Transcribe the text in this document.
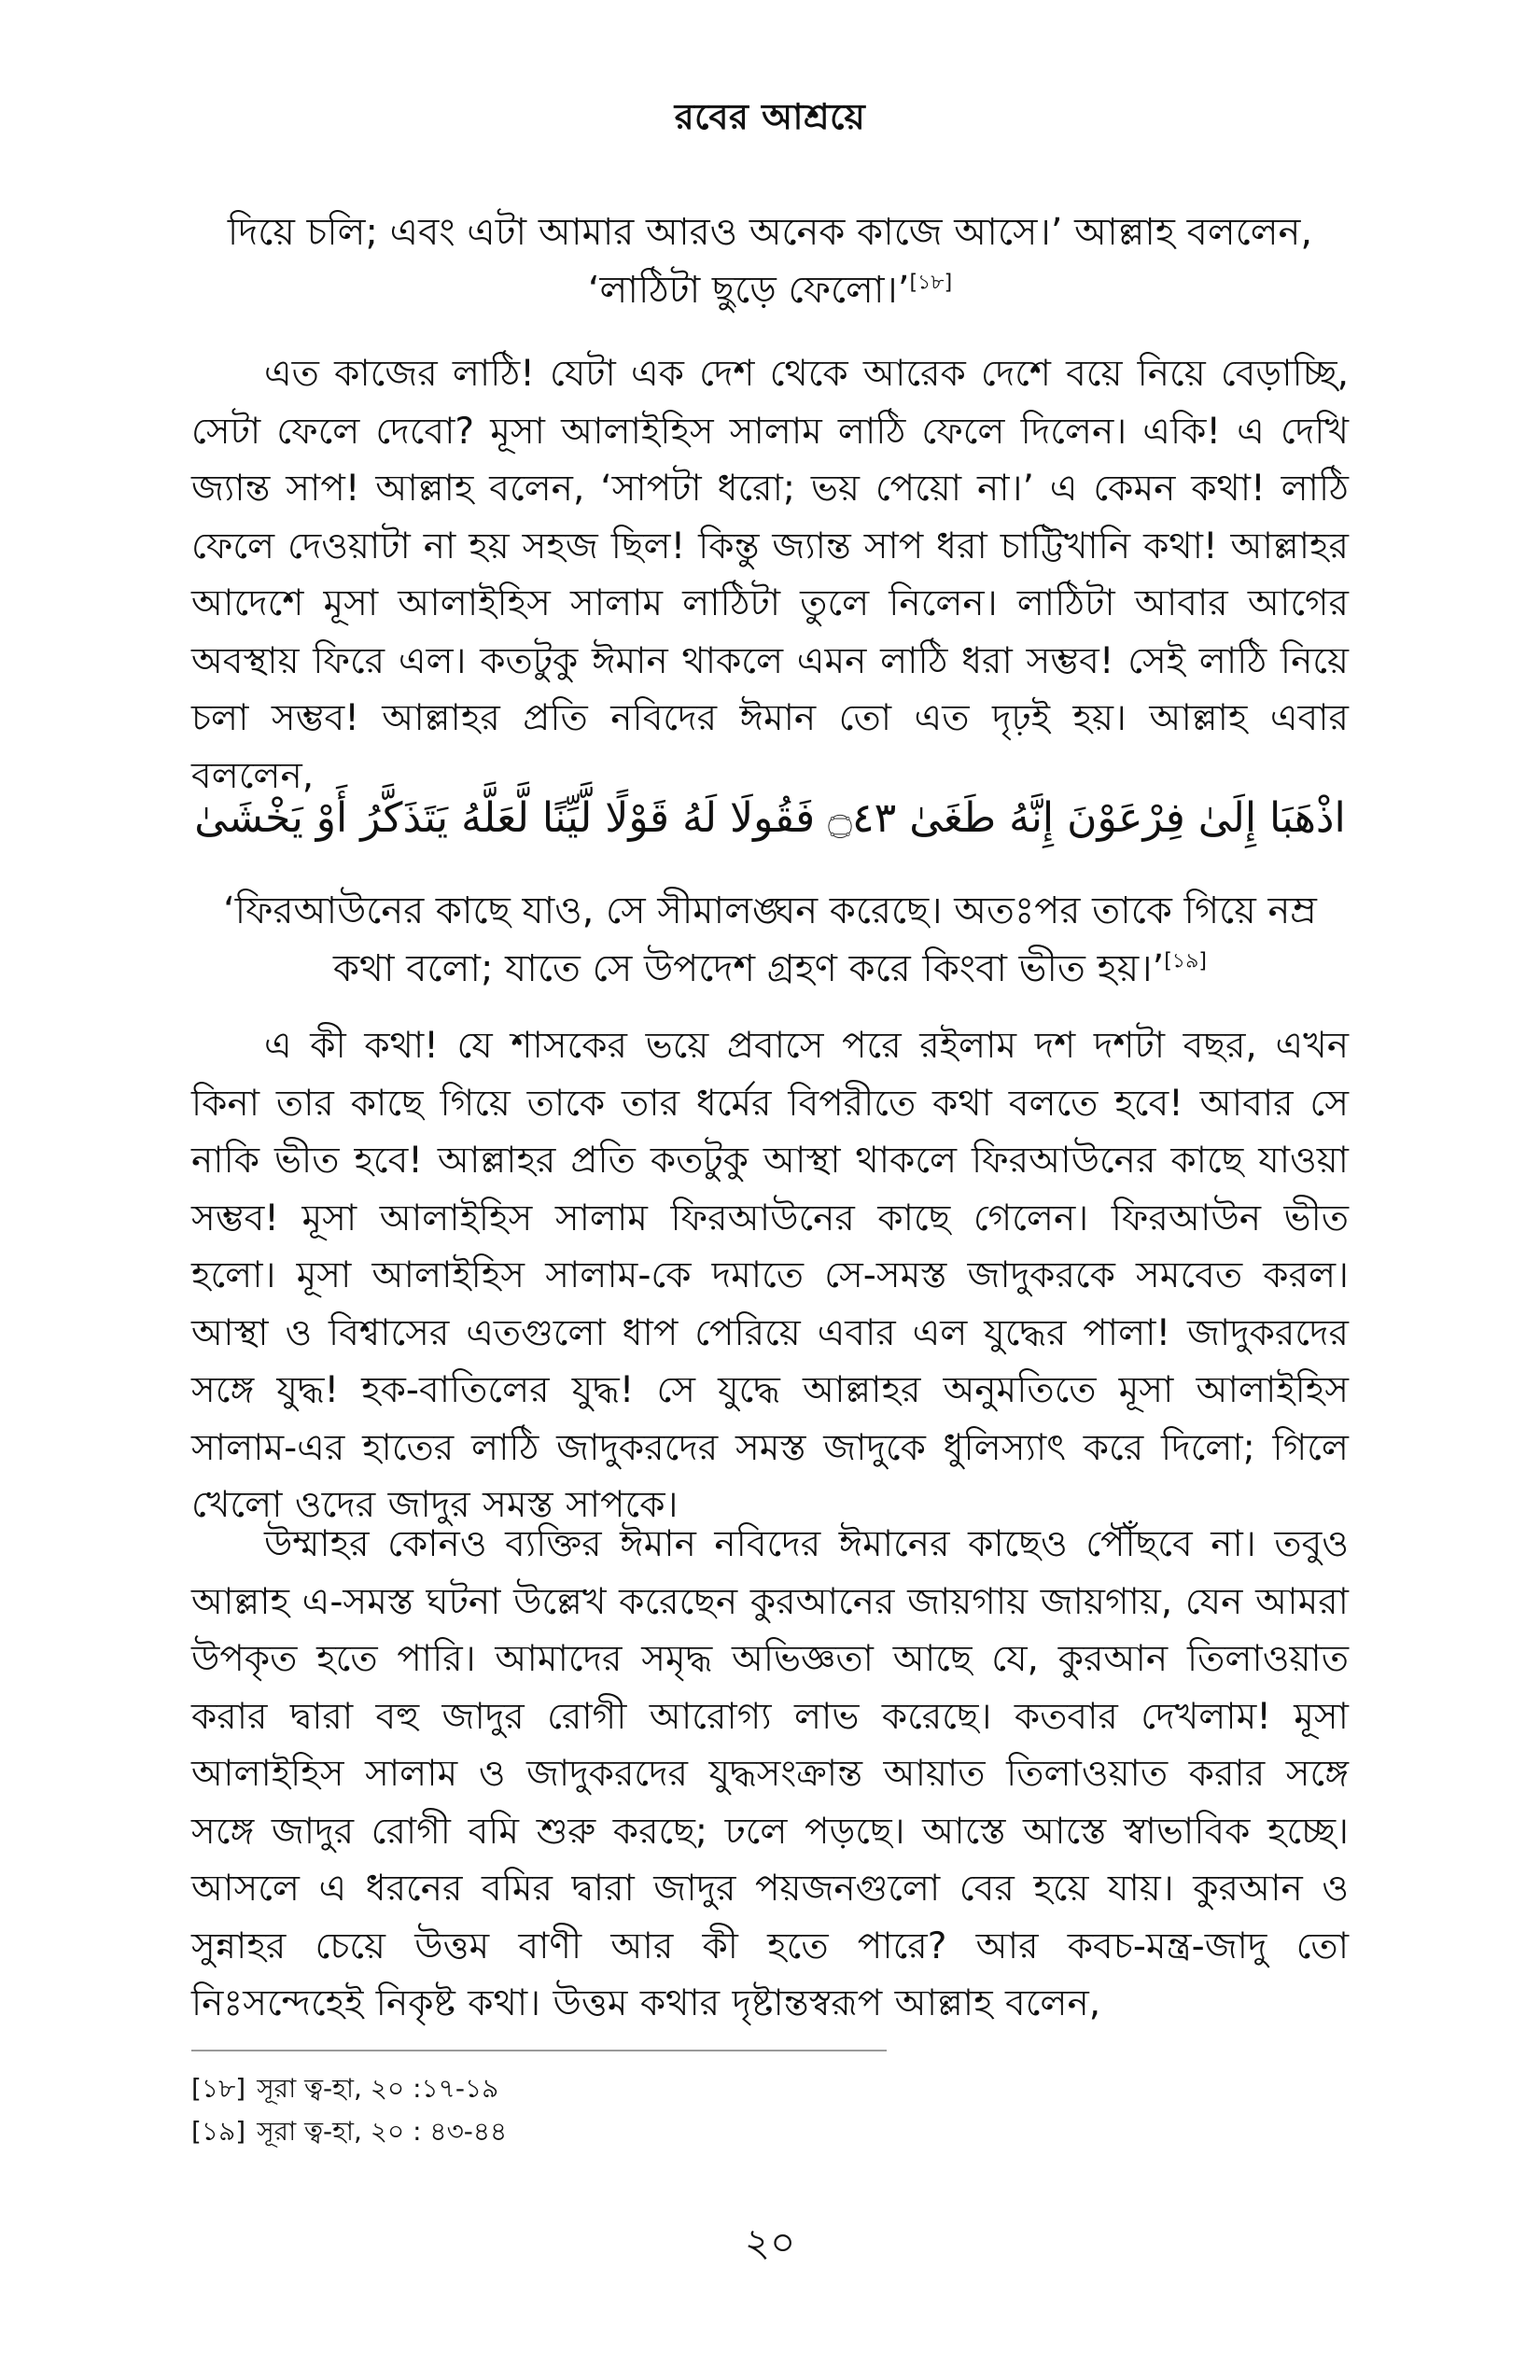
রবের আশ্রয়ে

দিয়ে চলি; এবং এটা আমার আরও অনেক কাজে আসে।’ আল্লাহ বললেন,

‘লাঠিটা ছুড়ে ফেলো।’[১৮]

এত কাজের লাঠি! যেটা এক দেশ থেকে আরেক দেশে বয়ে নিয়ে বেড়াচ্ছি, সেটা ফেলে দেবো? মূসা আলাইহিস সালাম লাঠি ফেলে দিলেন। একি! এ দেখি জ্যান্ত সাপ! আল্লাহ বলেন, ‘সাপটা ধরো; ভয় পেয়ো না।’ এ কেমন কথা! লাঠি ফেলে দেওয়াটা না হয় সহজ ছিল! কিন্তু জ্যান্ত সাপ ধরা চাট্টিখানি কথা! আল্লাহর আদেশে মূসা আলাইহিস সালাম লাঠিটা তুলে নিলেন। লাঠিটা আবার আগের অবস্থায় ফিরে এল। কতটুকু ঈমান থাকলে এমন লাঠি ধরা সম্ভব! সেই লাঠি নিয়ে চলা সম্ভব! আল্লাহর প্রতি নবিদের ঈমান তো এত দৃঢ়ই হয়। আল্লাহ এবার বললেন,

اذْهَبَا إِلَىٰ فِرْعَوْنَ إِنَّهُ طَغَىٰ ۝٤٣ فَقُولَا لَهُ قَوْلًا لَّيِّنًا لَّعَلَّهُ يَتَذَكَّرُ أَوْ يَخْشَىٰ

‘ফিরআউনের কাছে যাও, সে সীমালঙ্ঘন করেছে। অতঃপর তাকে গিয়ে নম্র

কথা বলো; যাতে সে উপদেশ গ্রহণ করে কিংবা ভীত হয়।’[১৯]

এ কী কথা! যে শাসকের ভয়ে প্রবাসে পরে রইলাম দশ দশটা বছর, এখন কিনা তার কাছে গিয়ে তাকে তার ধর্মের বিপরীতে কথা বলতে হবে! আবার সে নাকি ভীত হবে! আল্লাহর প্রতি কতটুকু আস্থা থাকলে ফিরআউনের কাছে যাওয়া সম্ভব! মূসা আলাইহিস সালাম ফিরআউনের কাছে গেলেন। ফিরআউন ভীত হলো। মূসা আলাইহিস সালাম-কে দমাতে সে-সমস্ত জাদুকরকে সমবেত করল। আস্থা ও বিশ্বাসের এতগুলো ধাপ পেরিয়ে এবার এল যুদ্ধের পালা! জাদুকরদের সঙ্গে যুদ্ধ! হক-বাতিলের যুদ্ধ! সে যুদ্ধে আল্লাহর অনুমতিতে মূসা আলাইহিস সালাম-এর হাতের লাঠি জাদুকরদের সমস্ত জাদুকে ধুলিস্যাৎ করে দিলো; গিলে খেলো ওদের জাদুর সমস্ত সাপকে।

উম্মাহর কোনও ব্যক্তির ঈমান নবিদের ঈমানের কাছেও পৌঁছবে না। তবুও আল্লাহ এ-সমস্ত ঘটনা উল্লেখ করেছেন কুরআনের জায়গায় জায়গায়, যেন আমরা উপকৃত হতে পারি। আমাদের সমৃদ্ধ অভিজ্ঞতা আছে যে, কুরআন তিলাওয়াত করার দ্বারা বহু জাদুর রোগী আরোগ্য লাভ করেছে। কতবার দেখলাম! মূসা আলাইহিস সালাম ও জাদুকরদের যুদ্ধসংক্রান্ত আয়াত তিলাওয়াত করার সঙ্গে সঙ্গে জাদুর রোগী বমি শুরু করছে; ঢলে পড়ছে। আস্তে আস্তে স্বাভাবিক হচ্ছে। আসলে এ ধরনের বমির দ্বারা জাদুর পয়জনগুলো বের হয়ে যায়। কুরআন ও সুন্নাহর চেয়ে উত্তম বাণী আর কী হতে পারে? আর কবচ-মন্ত্র-জাদু তো নিঃসন্দেহেই নিকৃষ্ট কথা। উত্তম কথার দৃষ্টান্তস্বরূপ আল্লাহ বলেন,

[১৮] সূরা ত্ব-হা, ২০ :১৭-১৯
[১৯] সূরা ত্ব-হা, ২০ : ৪৩-৪৪
২০
